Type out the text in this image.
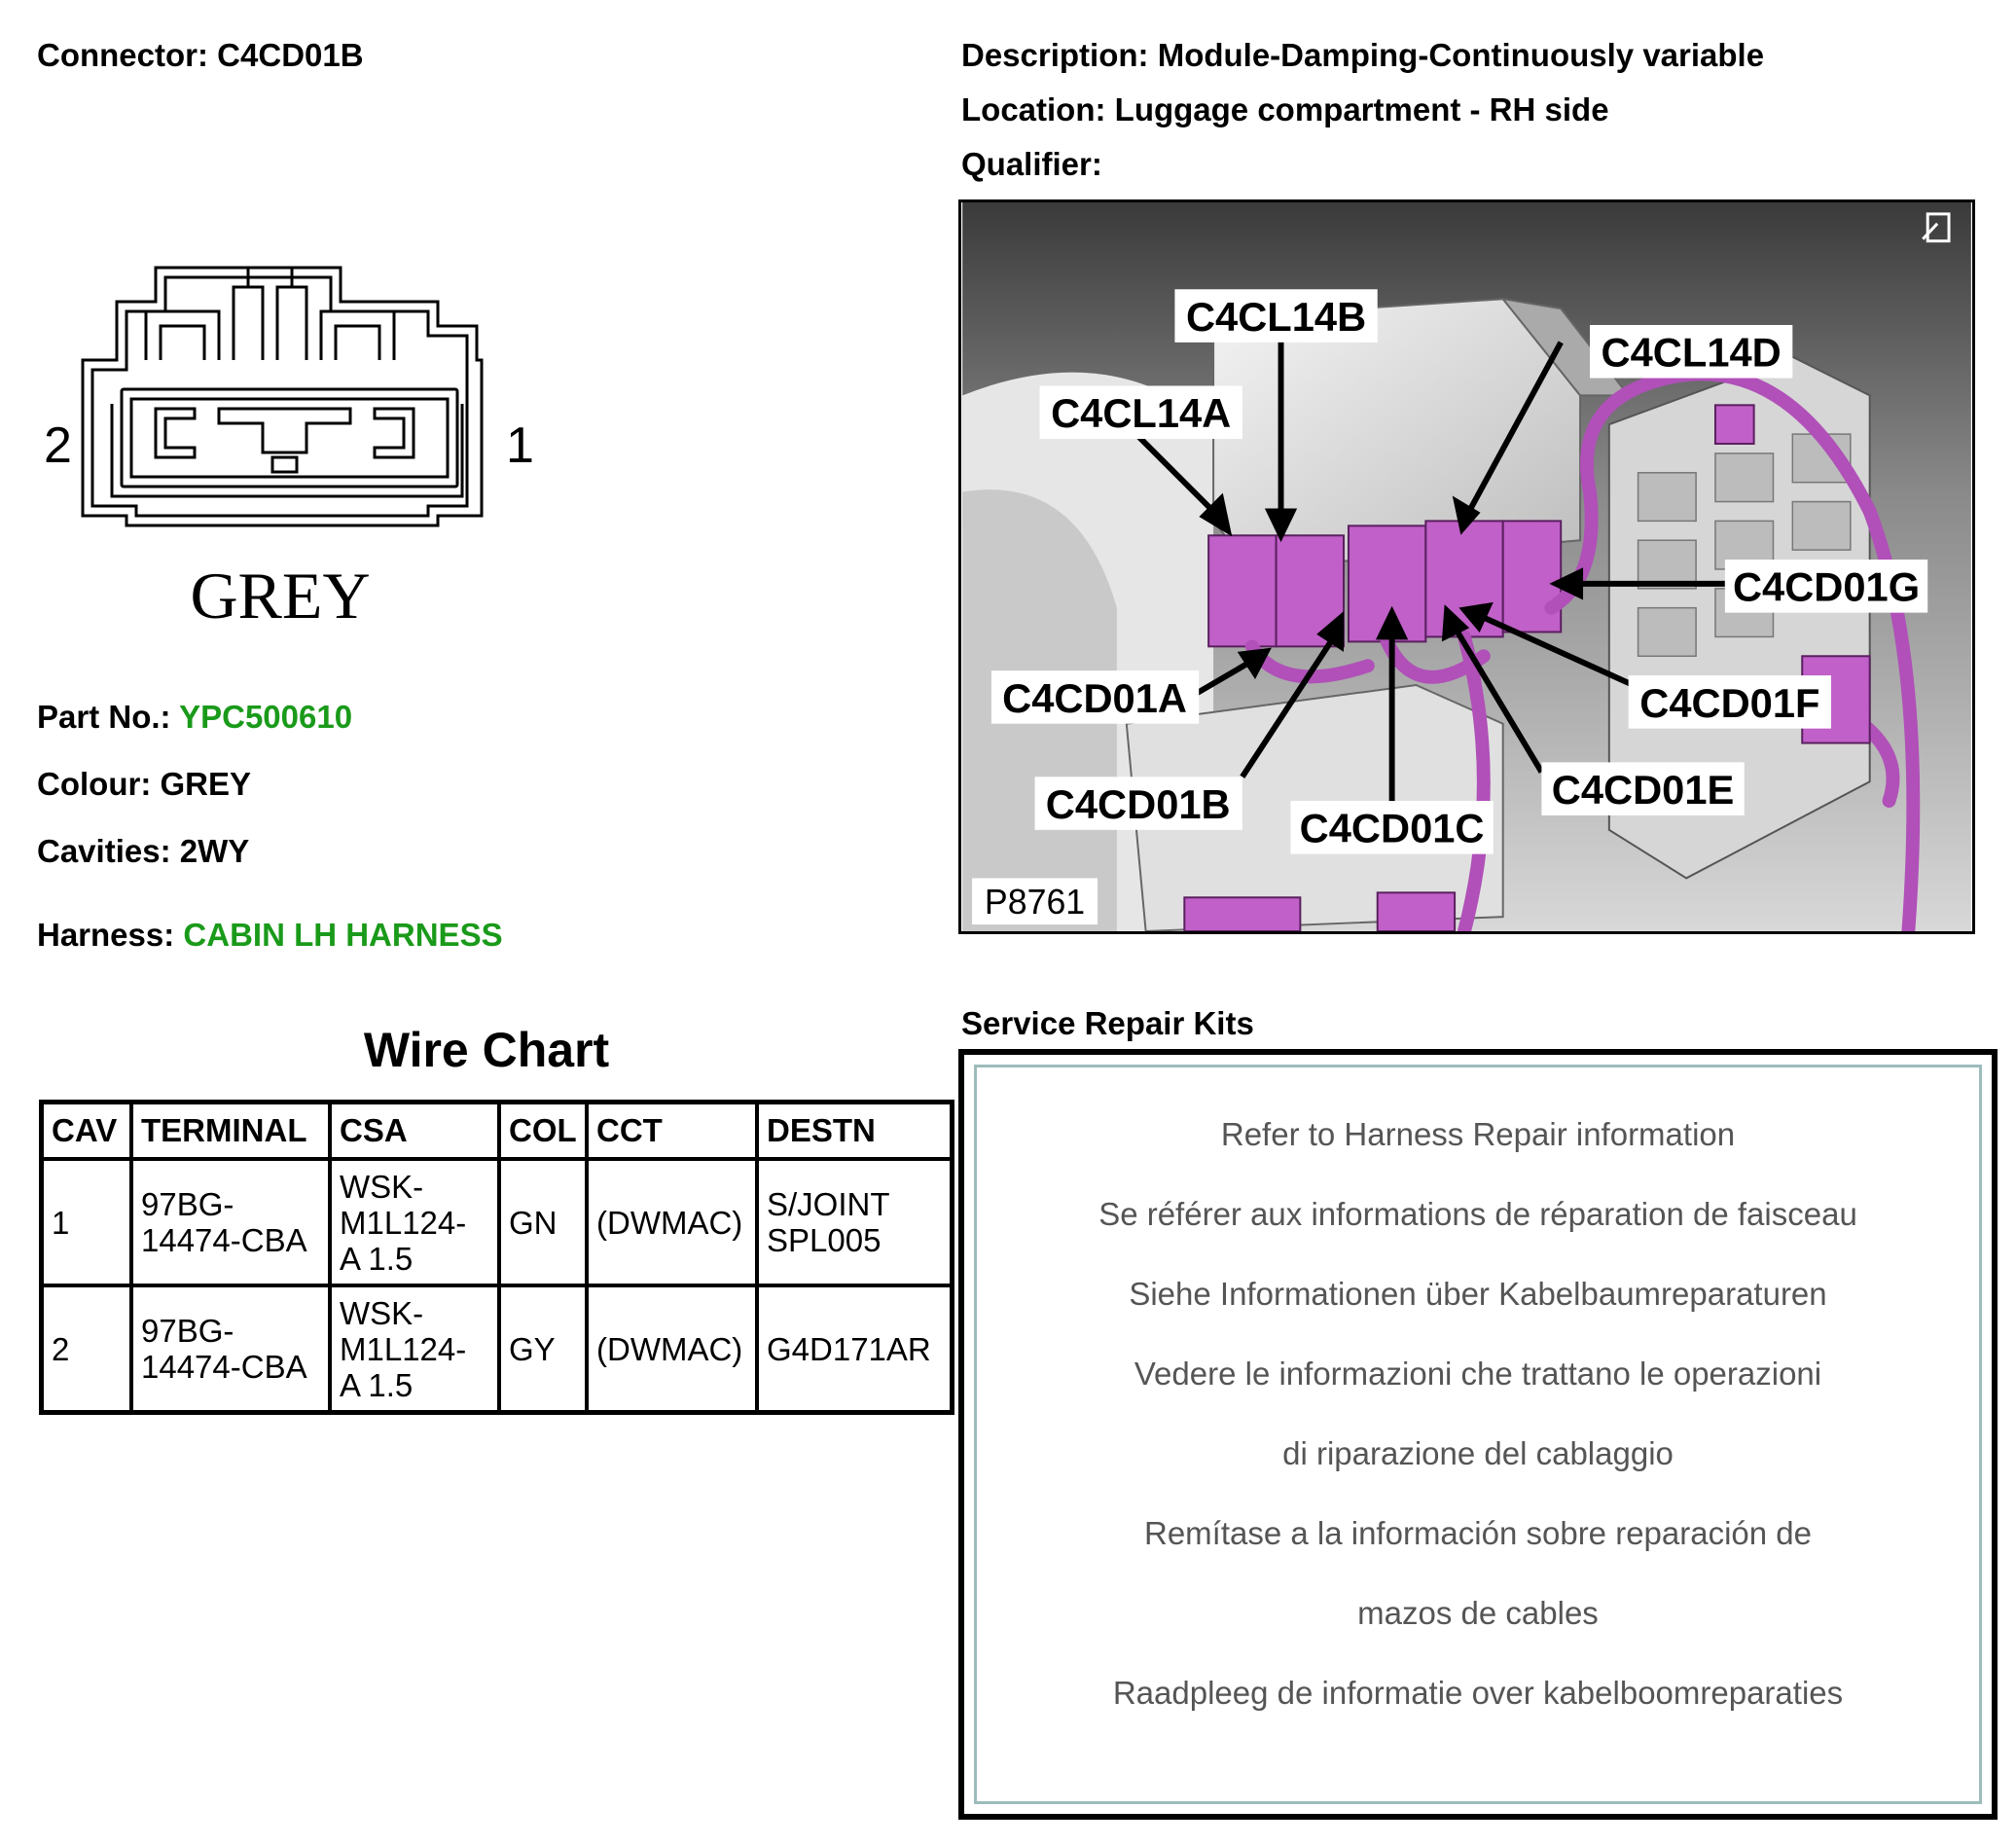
Connector: C4CD01B
2	1
GREY
Part No.: YPC500610
Colour: GREY
Cavities: 2WY
Harness: CABIN LH HARNESS
Wire Chart
CAV	TERMINAL	CSA	COL	CCT	DESTN
1	97BG-
14474-CBA	WSK-
M1L124-
A 1.5	GN	(DWMAC)	S/JOINT
SPL005
2	97BG-
14474-CBA	WSK-
M1L124-
A 1.5	GY	(DWMAC)	G4D171AR
Description: Module-Damping-Continuously variable
Location: Luggage compartment - RH side
Qualifier:
C4CL14B
C4CL14D
C4CL14A
C4CD01G
C4CD01A	C4CD01F
C4CD01E
C4CD01B
C4CD01C
P8761
Service Repair Kits
Refer to Harness Repair information
Se référer aux informations de réparation de faisceau
Siehe Informationen über Kabelbaumreparaturen
Vedere le informazioni che trattano le operazioni
di riparazione del cablaggio
Remítase a la información sobre reparación de
mazos de cables
Raadpleeg de informatie over kabelboomreparaties
